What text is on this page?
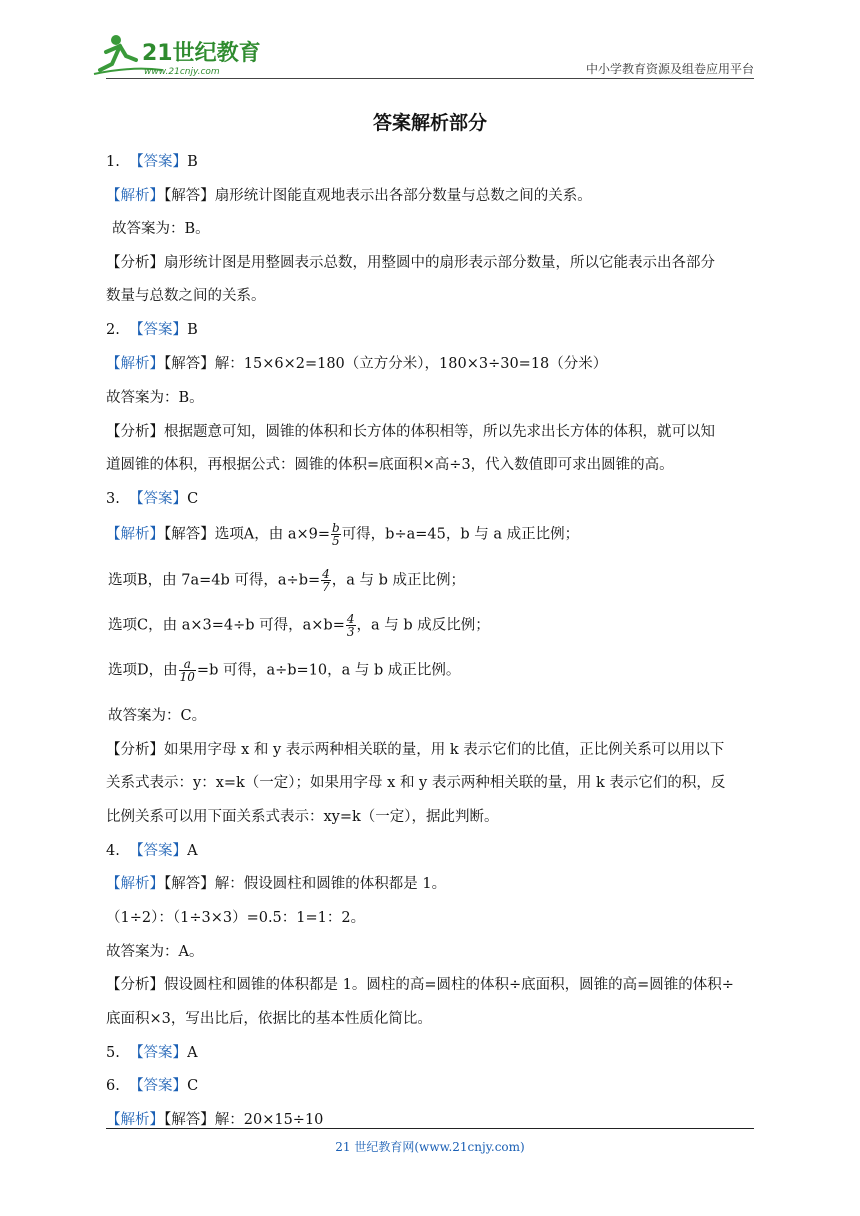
21世纪教育
www.21cnjy.com	中小学教育资源及组卷应用平台
答案解析部分
1. 【答案】B
【解析】【解答】扇形统计图能直观地表示出各部分数量与总数之间的关系。
故答案为：B。
【分析】扇形统计图是用整圆表示总数，用整圆中的扇形表示部分数量，所以它能表示出各部分
数量与总数之间的关系。
2. 【答案】B
【解析】【解答】解：15×6×2=180（立方分米），180×3÷30=18（分米）
故答案为：B。
【分析】根据题意可知，圆锥的体积和长方体的体积相等，所以先求出长方体的体积，就可以知
道圆锥的体积，再根据公式：圆锥的体积=底面积×高÷3，代入数值即可求出圆锥的高。
3. 【答案】C
【解析】【解答】选项A，由 $a\times 9= \frac{b}{5}$ 可得，b÷a=45，b 与 a 成正比例；
选项B，由 7a=4b 可得，$a\div b= \frac{4}{7}$ ，a 与 b 成正比例；
选项C，由 a×3=4÷b 可得，$a\times b= \frac{4}{3}$ ，a 与 b 成反比例；
选项D，由 $\frac{a}{10} =b$ 可得，a÷b=10，a 与 b 成正比例。
故答案为：C。
【分析】如果用字母 x 和 y 表示两种相关联的量，用 k 表示它们的比值，正比例关系可以用以下
关系式表示：y：x=k（一定）；如果用字母 x 和 y 表示两种相关联的量，用 k 表示它们的积，反
比例关系可以用下面关系式表示：xy=k（一定），据此判断。
4. 【答案】A
【解析】【解答】解：假设圆柱和圆锥的体积都是 1。
（1÷2）：（1÷3×3）=0.5：1=1：2。
故答案为：A。
【分析】假设圆柱和圆锥的体积都是 1。圆柱的高=圆柱的体积÷底面积，圆锥的高=圆锥的体积÷
底面积×3，写出比后，依据比的基本性质化简比。
5. 【答案】A
6. 【答案】C
【解析】【解答】解：20×15÷10
21 世纪教育网(www.21cnjy.com)
